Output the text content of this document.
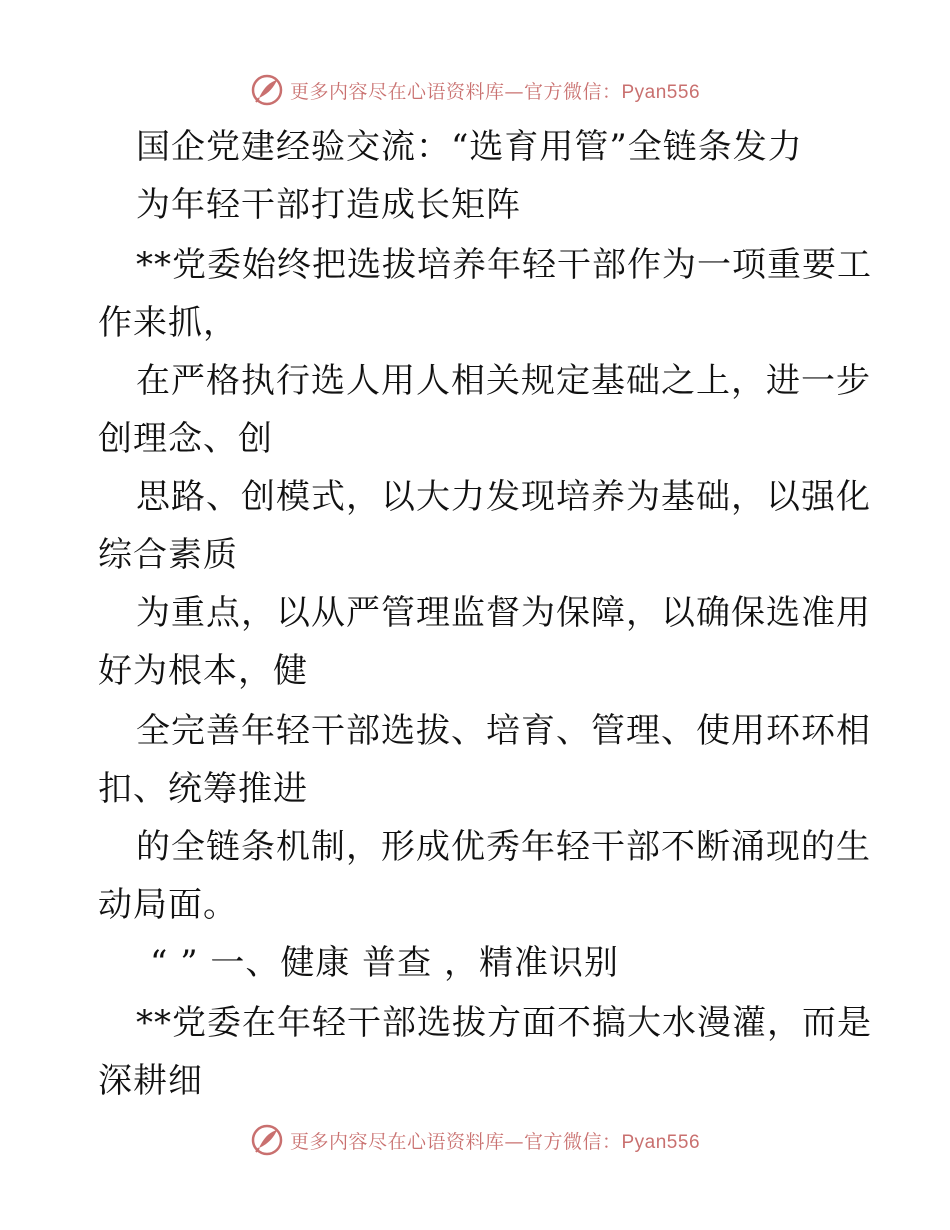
更多内容尽在心语资料库—官方微信：Pyan556
国企党建经验交流：“选育用管”全链条发力
为年轻干部打造成长矩阵
**党委始终把选拔培养年轻干部作为一项重要工
作来抓，
在严格执行选人用人相关规定基础之上，进一步
创理念、创
思路、创模式，以大力发现培养为基础，以强化
综合素质
为重点，以从严管理监督为保障，以确保选准用
好为根本，健
全完善年轻干部选拔、培育、管理、使用环环相
扣、统筹推进
的全链条机制，形成优秀年轻干部不断涌现的生
动局面。
“ ” 一、健康 普查 ，精准识别
**党委在年轻干部选拔方面不搞大水漫灌，而是
深耕细
更多内容尽在心语资料库—官方微信：Pyan556
